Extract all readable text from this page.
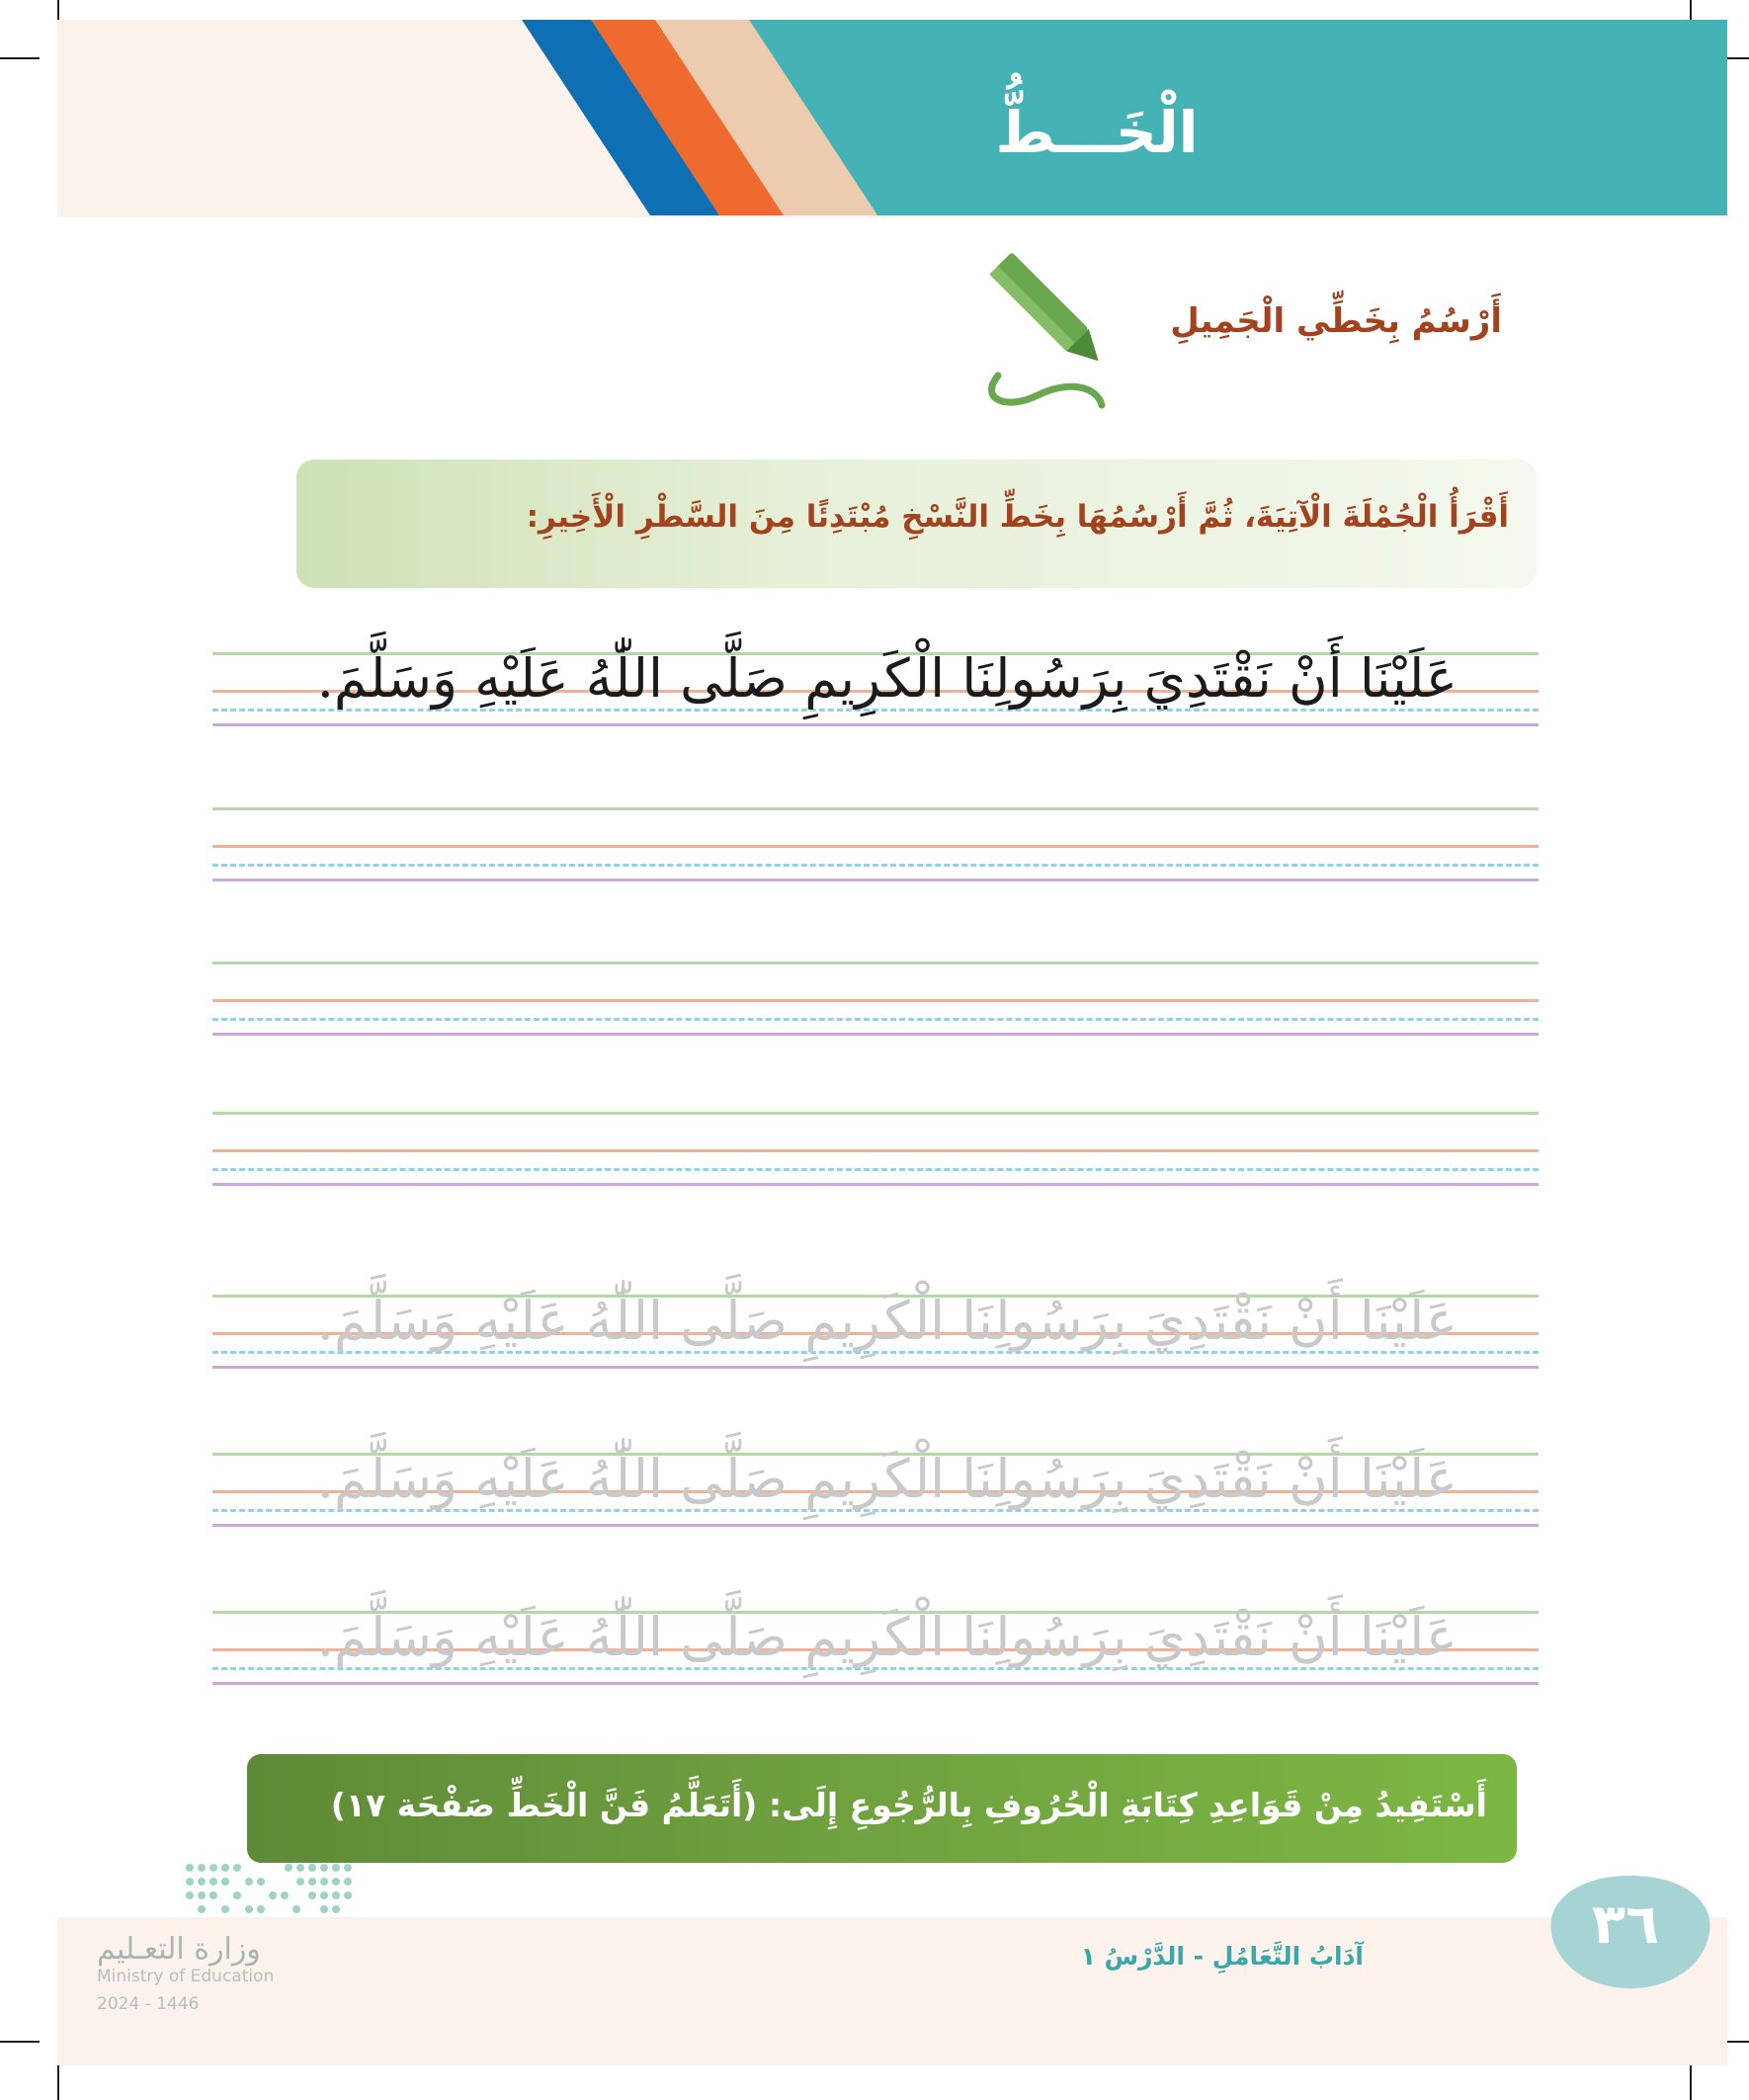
الْخَـــطُّ
أَرْسُمُ بِخَطِّي الْجَمِيلِ
أَقْرَأُ الْجُمْلَةَ الْآتِيَةَ، ثُمَّ أَرْسُمُهَا بِخَطِّ النَّسْخِ مُبْتَدِئًا مِنَ السَّطْرِ الْأَخِيرِ:
عَلَيْنَا أَنْ نَقْتَدِيَ بِرَسُولِنَا الْكَرِيمِ صَلَّى اللّٰهُ عَلَيْهِ وَسَلَّمَ.
عَلَيْنَا أَنْ نَقْتَدِيَ بِرَسُولِنَا الْكَرِيمِ صَلَّى اللّٰهُ عَلَيْهِ وَسَلَّمَ.
عَلَيْنَا أَنْ نَقْتَدِيَ بِرَسُولِنَا الْكَرِيمِ صَلَّى اللّٰهُ عَلَيْهِ وَسَلَّمَ.
عَلَيْنَا أَنْ نَقْتَدِيَ بِرَسُولِنَا الْكَرِيمِ صَلَّى اللّٰهُ عَلَيْهِ وَسَلَّمَ.
أَسْتَفِيدُ مِنْ قَوَاعِدِ كِتَابَةِ الْحُرُوفِ بِالرُّجُوعِ إِلَى: (أَتَعَلَّمُ فَنَّ الْخَطِّ صَفْحَة ١٧)
٣٦
آدَابُ التَّعَامُلِ - الدَّرْسُ ١
وزارة التعـليم
Ministry of Education
2024 - 1446
